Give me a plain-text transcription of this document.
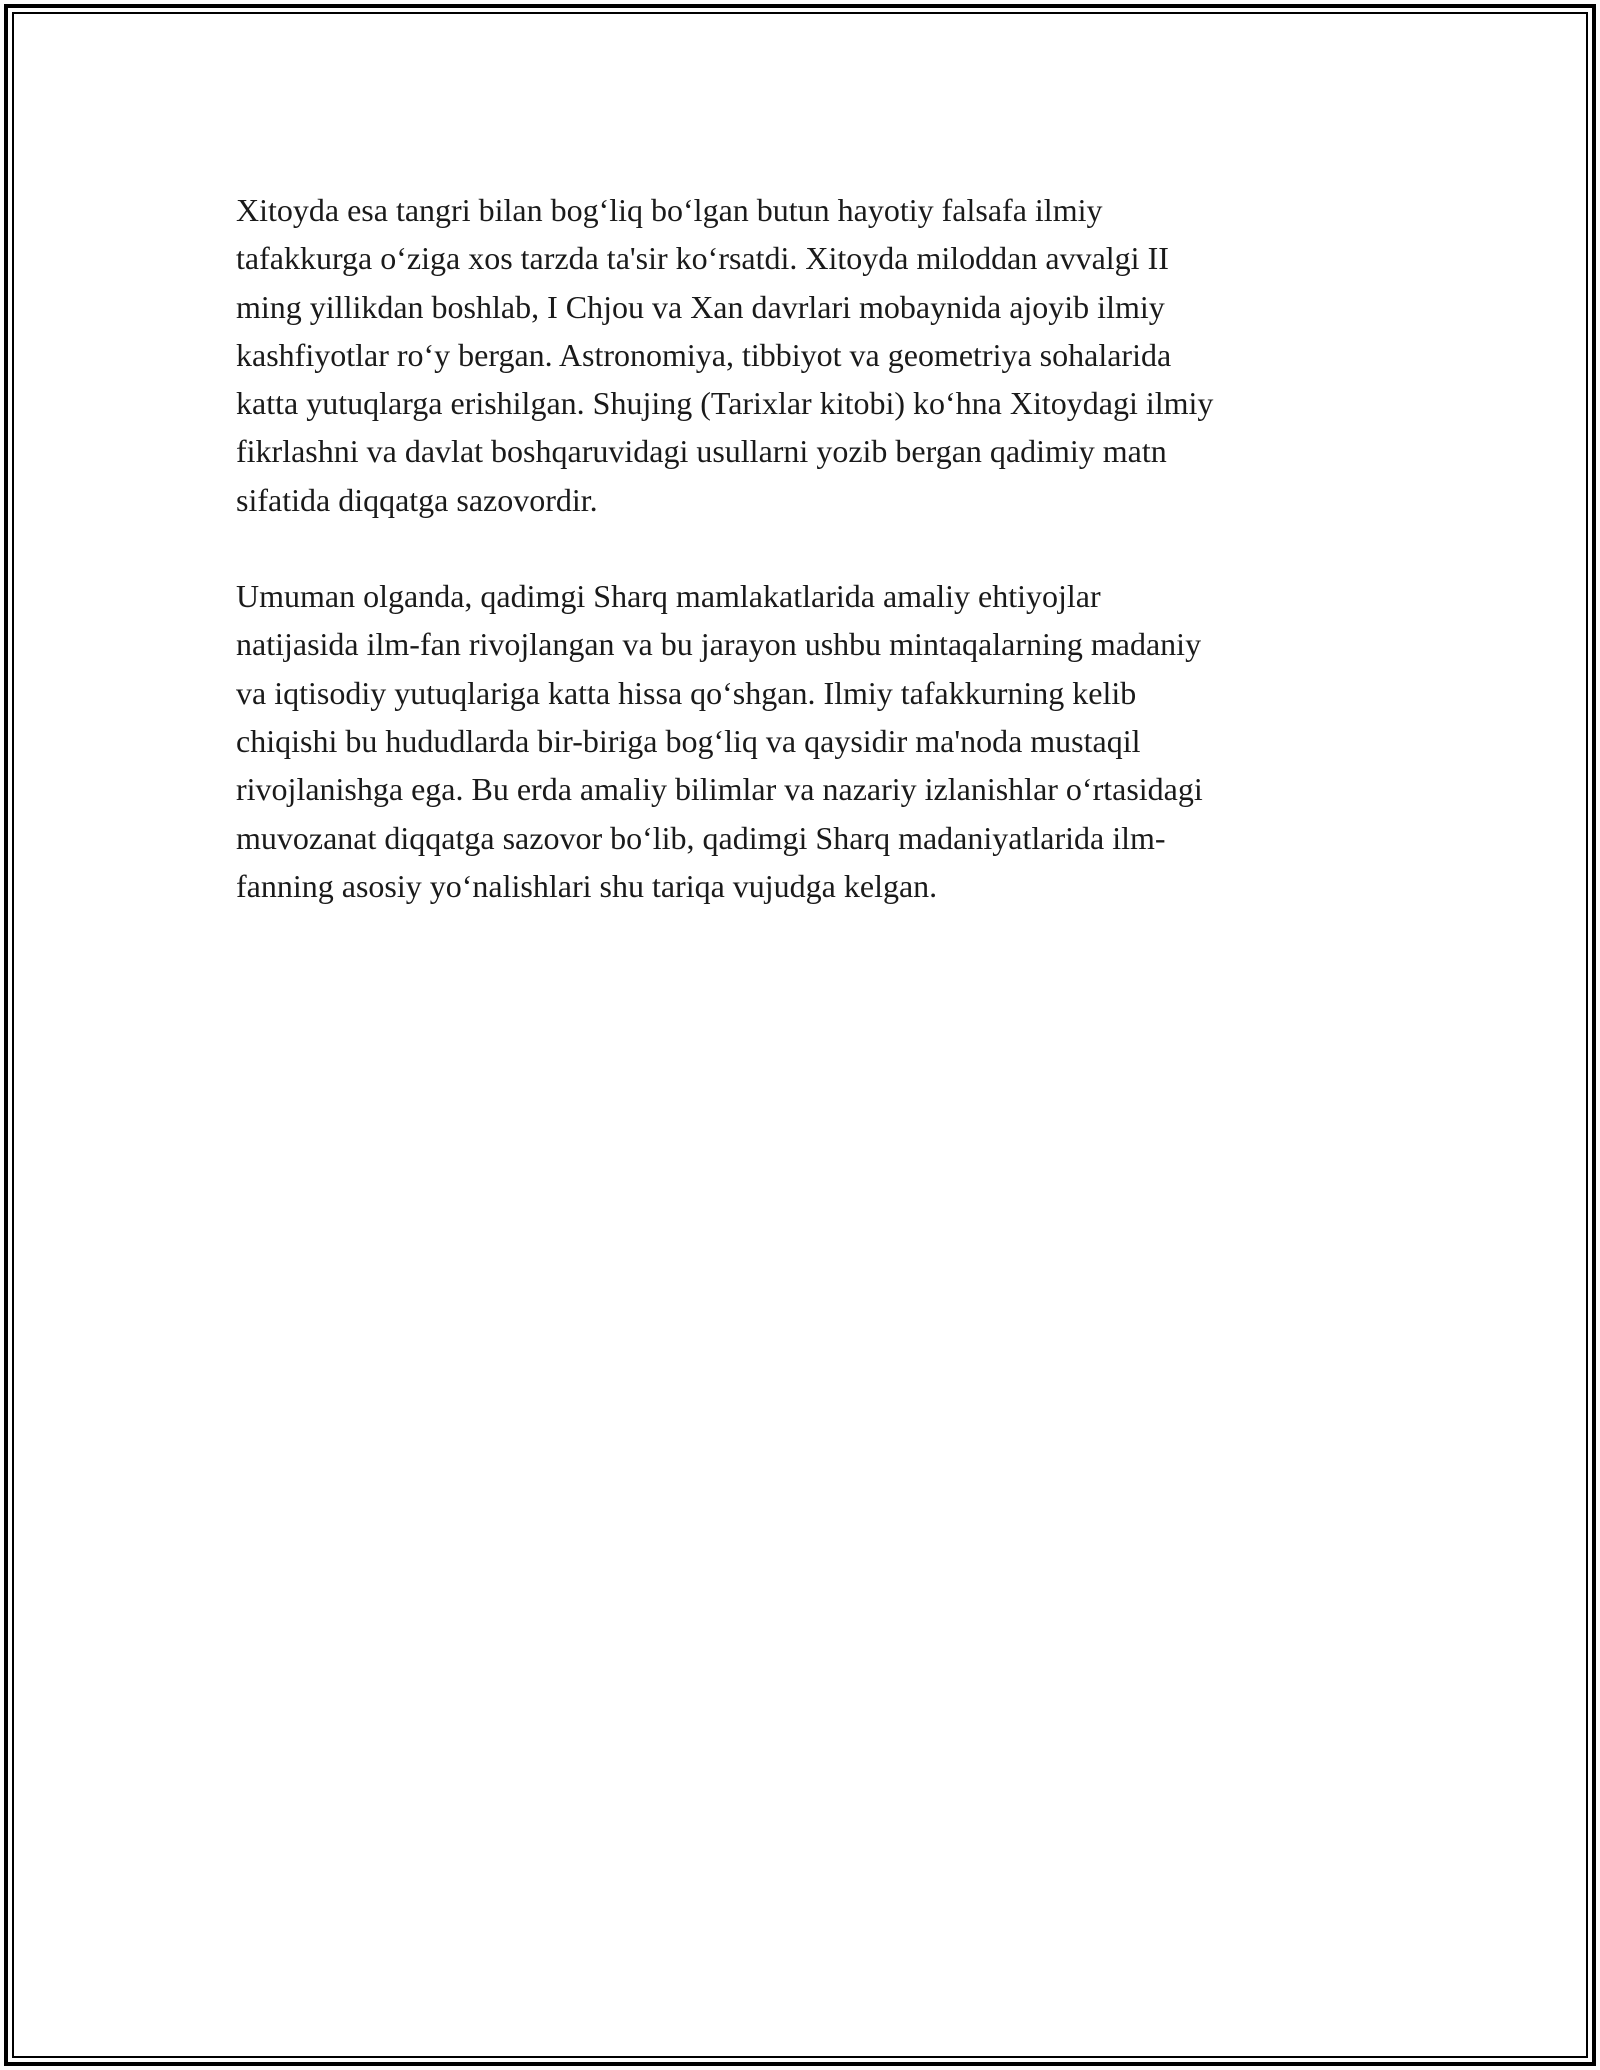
Xitoyda esa tangri bilan bog‘liq bo‘lgan butun hayotiy falsafa ilmiy
tafakkurga o‘ziga xos tarzda ta'sir ko‘rsatdi. Xitoyda miloddan avvalgi II
ming yillikdan boshlab, I Chjou va Xan davrlari mobaynida ajoyib ilmiy
kashfiyotlar ro‘y bergan. Astronomiya, tibbiyot va geometriya sohalarida
katta yutuqlarga erishilgan. Shujing (Tarixlar kitobi) ko‘hna Xitoydagi ilmiy
fikrlashni va davlat boshqaruvidagi usullarni yozib bergan qadimiy matn
sifatida diqqatga sazovordir.

Umuman olganda, qadimgi Sharq mamlakatlarida amaliy ehtiyojlar
natijasida ilm-fan rivojlangan va bu jarayon ushbu mintaqalarning madaniy
va iqtisodiy yutuqlariga katta hissa qo‘shgan. Ilmiy tafakkurning kelib
chiqishi bu hududlarda bir-biriga bog‘liq va qaysidir ma'noda mustaqil
rivojlanishga ega. Bu erda amaliy bilimlar va nazariy izlanishlar o‘rtasidagi
muvozanat diqqatga sazovor bo‘lib, qadimgi Sharq madaniyatlarida ilm-
fanning asosiy yo‘nalishlari shu tariqa vujudga kelgan.
